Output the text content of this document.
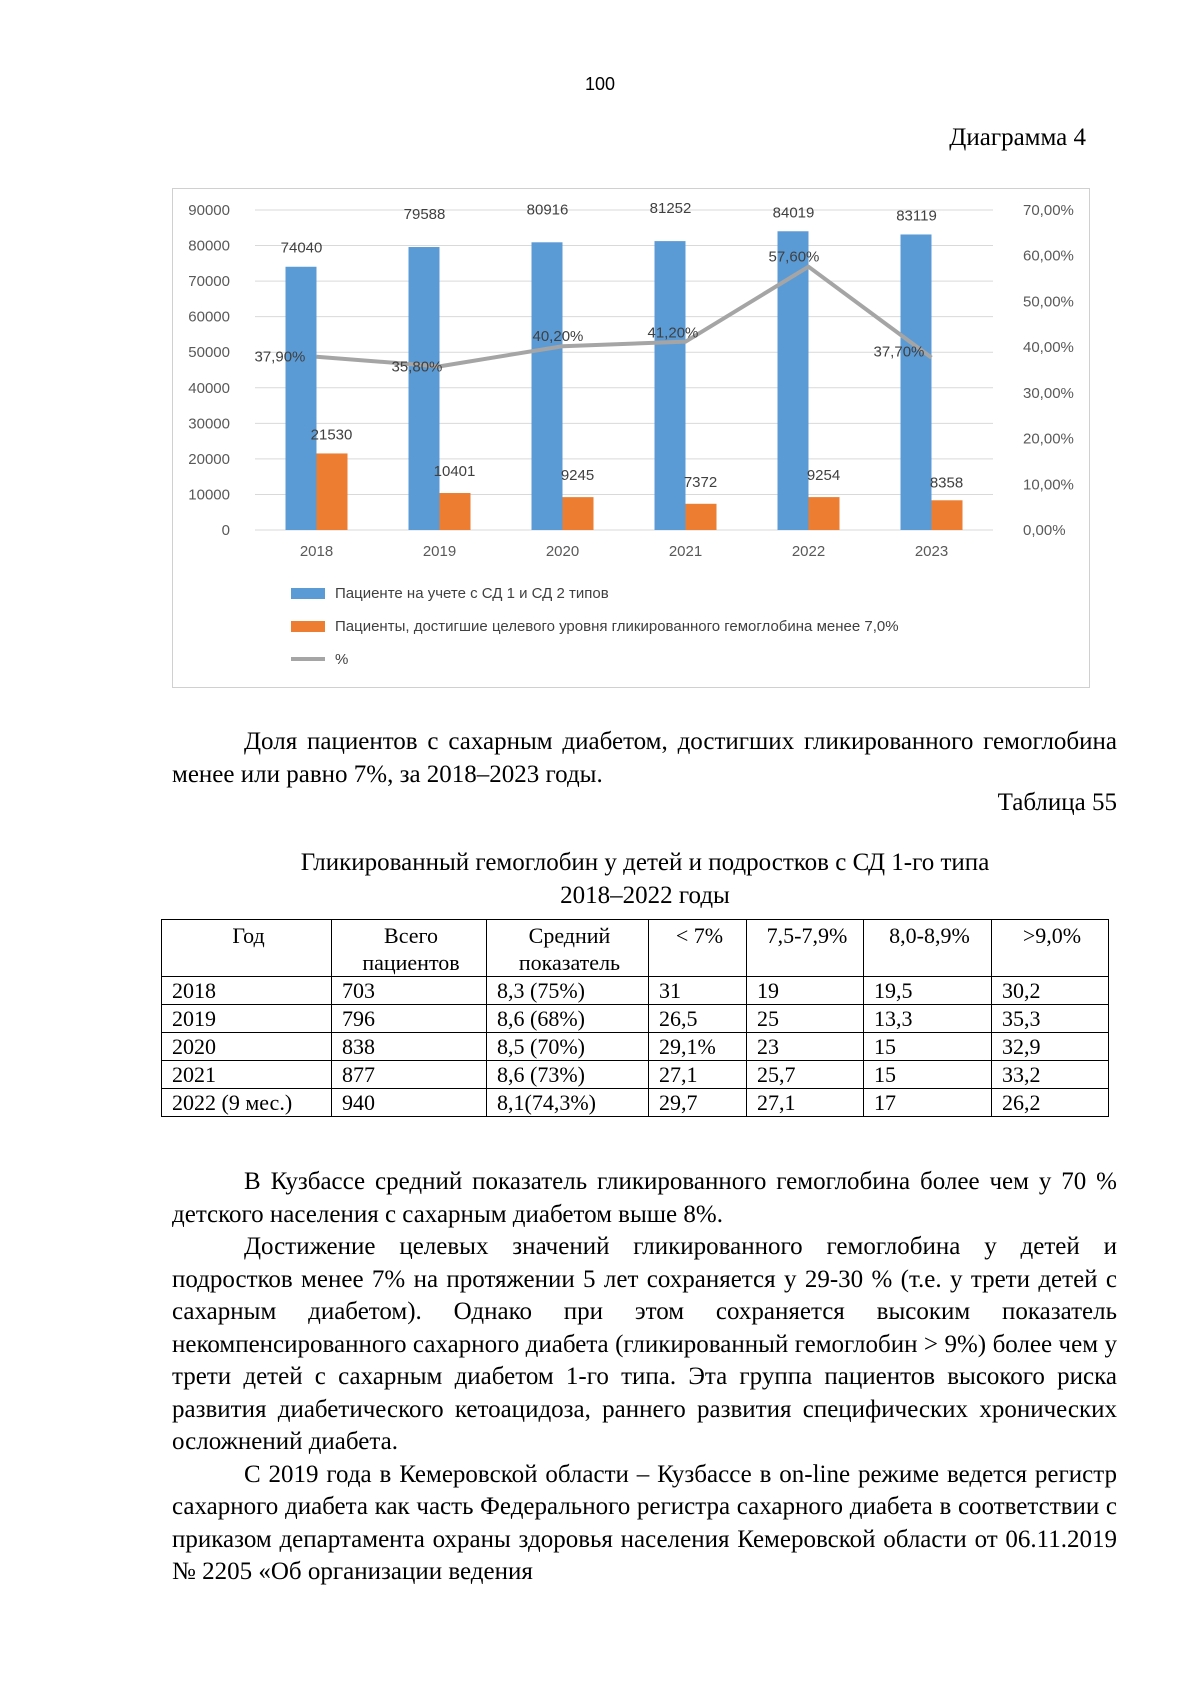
100
Диаграмма 4
0
10000
20000
30000
40000
50000
60000
70000
80000
90000
0,00%
10,00%
20,00%
30,00%
40,00%
50,00%
60,00%
70,00%
2018	2019	2020	2021	2022	2023
74040
21530
37,90%
79588
10401
35,80%
80916
9245
40,20%
81252
7372
41,20%
84019
9254
57,60%
83119
8358
37,70%
Пациенте на учете с СД 1 и СД 2 типов
Пациенты, достигшие целевого уровня гликированного гемоглобина менее 7,0%
%

Доля пациентов с сахарным диабетом, достигших гликированного гемоглобина менее или равно 7%, за 2018–2023 годы.

Таблица 55
Гликированный гемоглобин у детей и подростков с СД 1-го типа
2018–2022 годы
Год	Всего пациентов	Средний показатель	< 7%	7,5-7,9%	8,0-8,9%	>9,0%
2018	703	8,3 (75%)	31	19	19,5	30,2
2019	796	8,6 (68%)	26,5	25	13,3	35,3
2020	838	8,5 (70%)	29,1%	23	15	32,9
2021	877	8,6 (73%)	27,1	25,7	15	33,2
2022 (9 мес.)	940	8,1(74,3%)	29,7	27,1	17	26,2

В Кузбассе средний показатель гликированного гемоглобина более чем у 70 % детского населения с сахарным диабетом выше 8%.

Достижение целевых значений гликированного гемоглобина у детей и подростков менее 7% на протяжении 5 лет сохраняется у 29-30 % (т.е. у трети детей с сахарным диабетом). Однако при этом сохраняется высоким показатель некомпенсированного сахарного диабета (гликированный гемоглобин > 9%) более чем у трети детей с сахарным диабетом 1-го типа. Эта группа пациентов высокого риска развития диабетического кетоацидоза, раннего развития специфических хронических осложнений диабета.

С 2019 года в Кемеровской области – Кузбассе в on-line режиме ведется регистр сахарного диабета как часть Федерального регистра сахарного диабета в соответствии с приказом департамента охраны здоровья населения Кемеровской области от 06.11.2019 № 2205 «Об организации ведения
